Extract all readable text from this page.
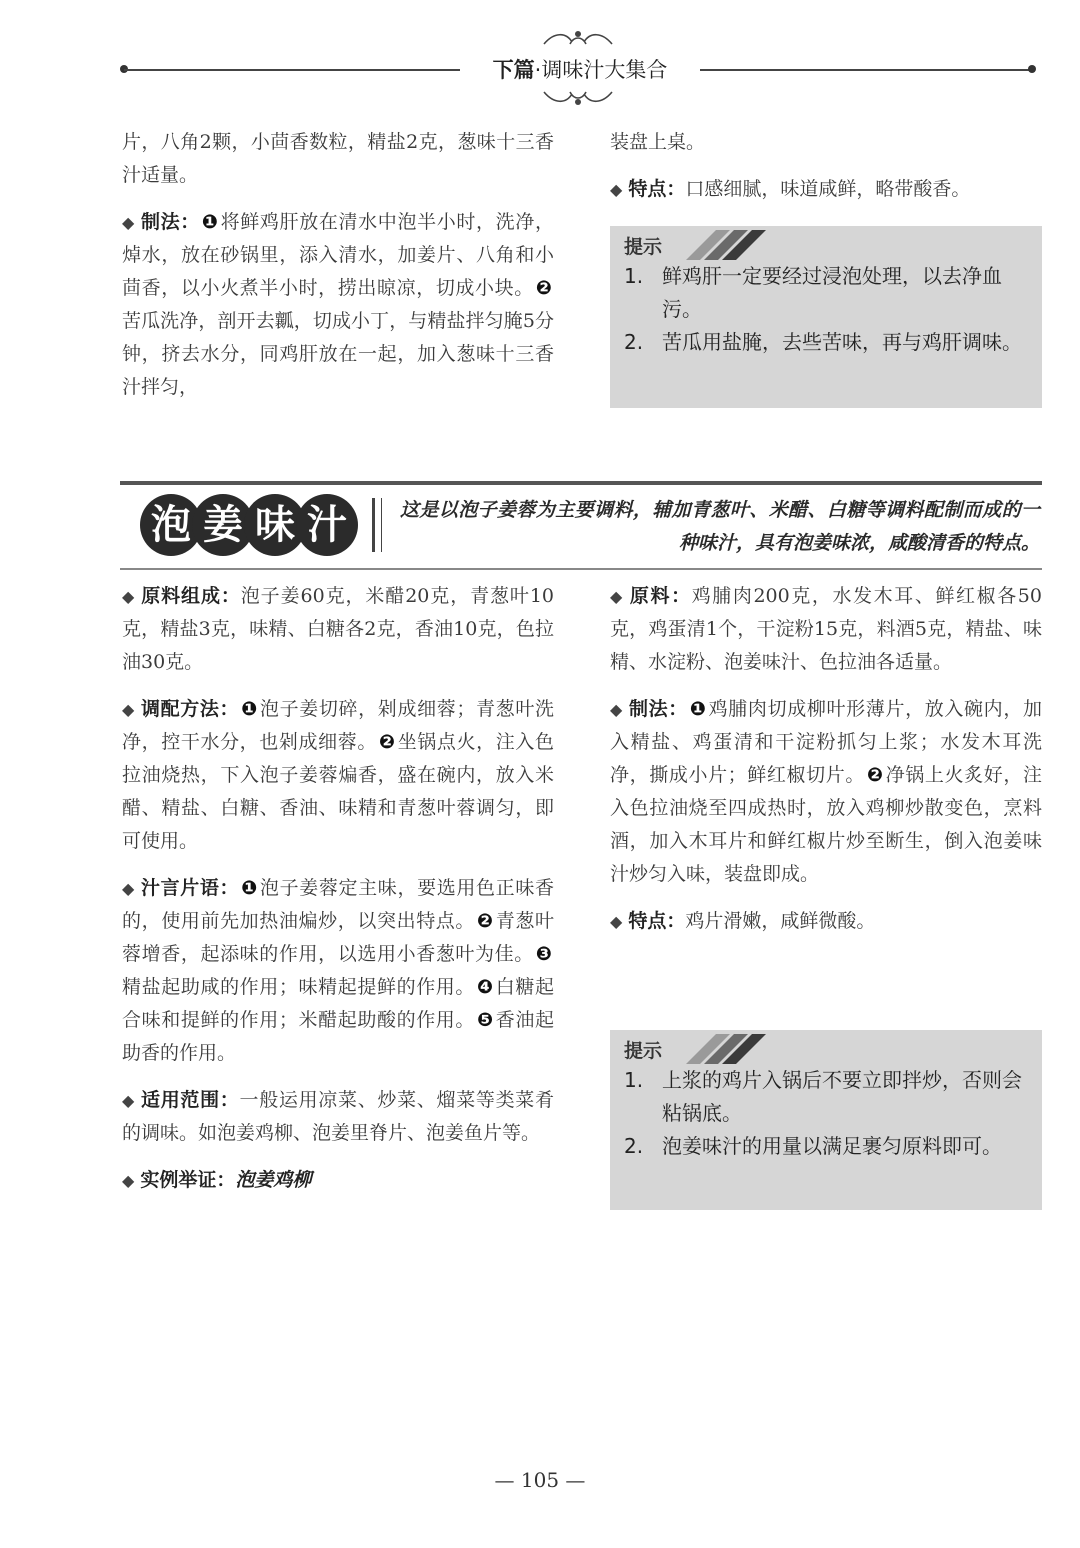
下篇·调味汁大集合

片，八角2颗，小茴香数粒，精盐2克，葱味十三香汁适量。

◆ 制法： ❶ 将鲜鸡肝放在清水中泡半小时，洗净，焯水，放在砂锅里，添入清水，加姜片、八角和小茴香，以小火煮半小时，捞出晾凉，切成小块。 ❷苦瓜洗净，剖开去瓤，切成小丁，与精盐拌匀腌5分钟，挤去水分，同鸡肝放在一起，加入葱味十三香汁拌匀，

装盘上桌。

◆ 特点：口感细腻，味道咸鲜，略带酸香。

提示
1. 鲜鸡肝一定要经过浸泡处理，以去净血污。
2. 苦瓜用盐腌，去些苦味，再与鸡肝调味。
泡 姜 味 汁	这是以泡子姜蓉为主要调料，辅加青葱叶、米醋、白糖等调料配制而成的一种味汁，具有泡姜味浓，咸酸清香的特点。

◆ 原料组成：泡子姜60克，米醋20克，青葱叶10克，精盐3克，味精、白糖各2克，香油10克，色拉油30克。

◆ 调配方法： ❶ 泡子姜切碎，剁成细蓉；青葱叶洗净，控干水分，也剁成细蓉。 ❷ 坐锅点火，注入色拉油烧热，下入泡子姜蓉煸香，盛在碗内，放入米醋、精盐、白糖、香油、味精和青葱叶蓉调匀，即可使用。

◆ 汁言片语： ❶ 泡子姜蓉定主味，要选用色正味香的，使用前先加热油煸炒，以突出特点。 ❷ 青葱叶蓉增香，起添味的作用，以选用小香葱叶为佳。 ❸精盐起助咸的作用；味精起提鲜的作用。 ❹ 白糖起合味和提鲜的作用；米醋起助酸的作用。 ❺ 香油起助香的作用。

◆ 适用范围：一般运用凉菜、炒菜、熘菜等类菜肴的调味。如泡姜鸡柳、泡姜里脊片、泡姜鱼片等。

◆ 实例举证：泡姜鸡柳

◆ 原料：鸡脯肉200克，水发木耳、鲜红椒各50克，鸡蛋清1个，干淀粉15克，料酒5克，精盐、味精、水淀粉、泡姜味汁、色拉油各适量。

◆ 制法： ❶ 鸡脯肉切成柳叶形薄片，放入碗内，加入精盐、鸡蛋清和干淀粉抓匀上浆；水发木耳洗净，撕成小片；鲜红椒切片。 ❷ 净锅上火炙好，注入色拉油烧至四成热时，放入鸡柳炒散变色，烹料酒，加入木耳片和鲜红椒片炒至断生，倒入泡姜味汁炒匀入味，装盘即成。

◆ 特点：鸡片滑嫩，咸鲜微酸。

提示
1. 上浆的鸡片入锅后不要立即拌炒，否则会粘锅底。
2. 泡姜味汁的用量以满足裹匀原料即可。
— 105 —
